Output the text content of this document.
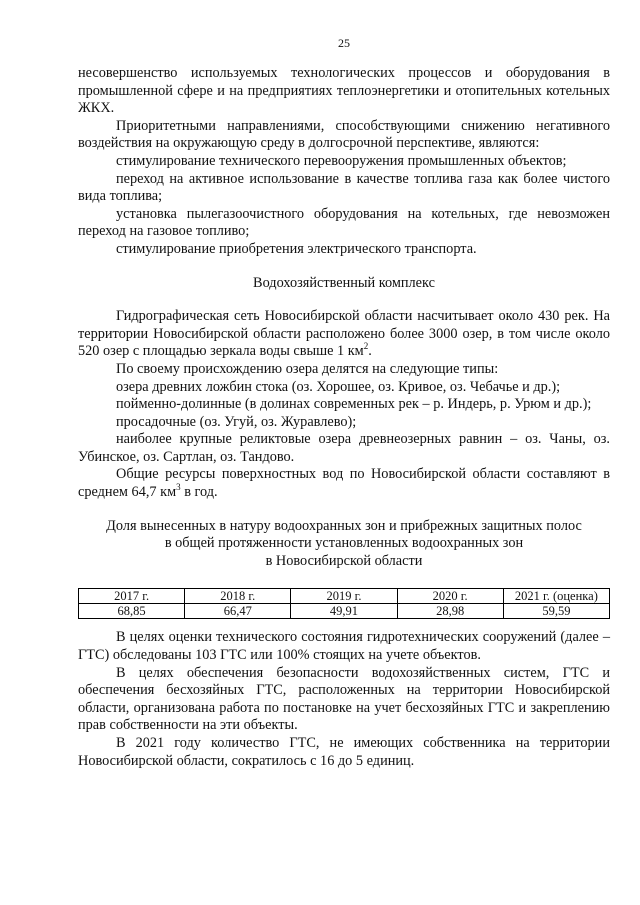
25

несовершенство используемых технологических процессов и оборудования в промышленной сфере и на предприятиях теплоэнергетики и отопительных котельных ЖКХ.

Приоритетными направлениями, способствующими снижению негативного воздействия на окружающую среду в долгосрочной перспективе, являются:

стимулирование технического перевооружения промышленных объектов;

переход на активное использование в качестве топлива газа как более чистого вида топлива;

установка пылегазоочистного оборудования на котельных, где невозможен переход на газовое топливо;

стимулирование приобретения электрического транспорта.

Водохозяйственный комплекс

Гидрографическая сеть Новосибирской области насчитывает около 430 рек. На территории Новосибирской области расположено более 3000 озер, в том числе около 520 озер с площадью зеркала воды свыше 1 $км^2$.

По своему происхождению озера делятся на следующие типы:

озера древних ложбин стока (оз. Хорошее, оз. Кривое, оз. Чебачье и др.);

пойменно-долинные (в долинах современных рек – р. Индерь, р. Урюм и др.);

просадочные (оз. Угуй, оз. Журавлево);

наиболее крупные реликтовые озера древнеозерных равнин – оз. Чаны, оз. Убинское, оз. Сартлан, оз. Тандово.

Общие ресурсы поверхностных вод по Новосибирской области составляют в среднем 64,7 $км^3$ в год.

Доля вынесенных в натуру водоохранных зон и прибрежных защитных полос
в общей протяженности установленных водоохранных зон
в Новосибирской области
2017 г.	2018 г.	2019 г.	2020 г.	2021 г. (оценка)
68,85	66,47	49,91	28,98	59,59

В целях оценки технического состояния гидротехнических сооружений (далее – ГТС) обследованы 103 ГТС или 100% стоящих на учете объектов.

В целях обеспечения безопасности водохозяйственных систем, ГТС и обеспечения бесхозяйных ГТС, расположенных на территории Новосибирской области, организована работа по постановке на учет бесхозяйных ГТС и закреплению прав собственности на эти объекты.

В 2021 году количество ГТС, не имеющих собственника на территории Новосибирской области, сократилось с 16 до 5 единиц.
